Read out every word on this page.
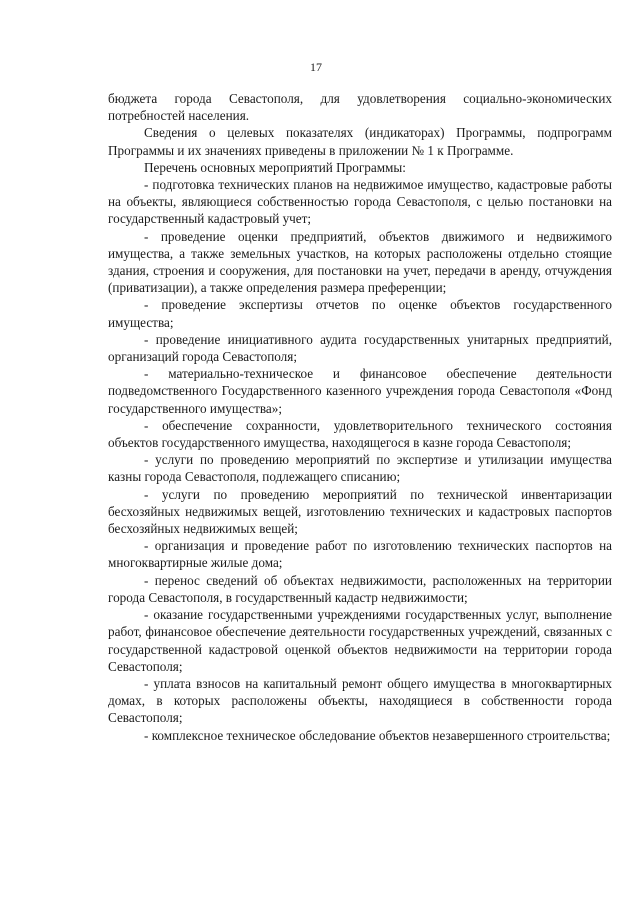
17

бюджета города Севастополя, для удовлетворения социально-экономических потребностей населения.

Сведения о целевых показателях (индикаторах) Программы, подпрограмм Программы и их значениях приведены в приложении № 1 к Программе.

Перечень основных мероприятий Программы:

- подготовка технических планов на недвижимое имущество, кадастровые работы на объекты, являющиеся собственностью города Севастополя, с целью постановки на государственный кадастровый учет;

- проведение оценки предприятий, объектов движимого и недвижимого имущества, а также земельных участков, на которых расположены отдельно стоящие здания, строения и сооружения, для постановки на учет, передачи в аренду, отчуждения (приватизации), а также определения размера преференции;

- проведение экспертизы отчетов по оценке объектов государственного имущества;

- проведение инициативного аудита государственных унитарных предприятий, организаций города Севастополя;

- материально-техническое и финансовое обеспечение деятельности подведомственного Государственного казенного учреждения города Севастополя «Фонд государственного имущества»;

- обеспечение сохранности, удовлетворительного технического состояния объектов государственного имущества, находящегося в казне города Севастополя;

- услуги по проведению мероприятий по экспертизе и утилизации имущества казны города Севастополя, подлежащего списанию;

- услуги по проведению мероприятий по технической инвентаризации бесхозяйных недвижимых вещей, изготовлению технических и кадастровых паспортов бесхозяйных недвижимых вещей;

- организация и проведение работ по изготовлению технических паспортов на многоквартирные жилые дома;

- перенос сведений об объектах недвижимости, расположенных на территории города Севастополя, в государственный кадастр недвижимости;

- оказание государственными учреждениями государственных услуг, выполнение работ, финансовое обеспечение деятельности государственных учреждений, связанных с государственной кадастровой оценкой объектов недвижимости на территории города Севастополя;

- уплата взносов на капитальный ремонт общего имущества в многоквартирных домах, в которых расположены объекты, находящиеся в собственности города Севастополя;

- комплексное техническое обследование объектов незавершенного строительства;
